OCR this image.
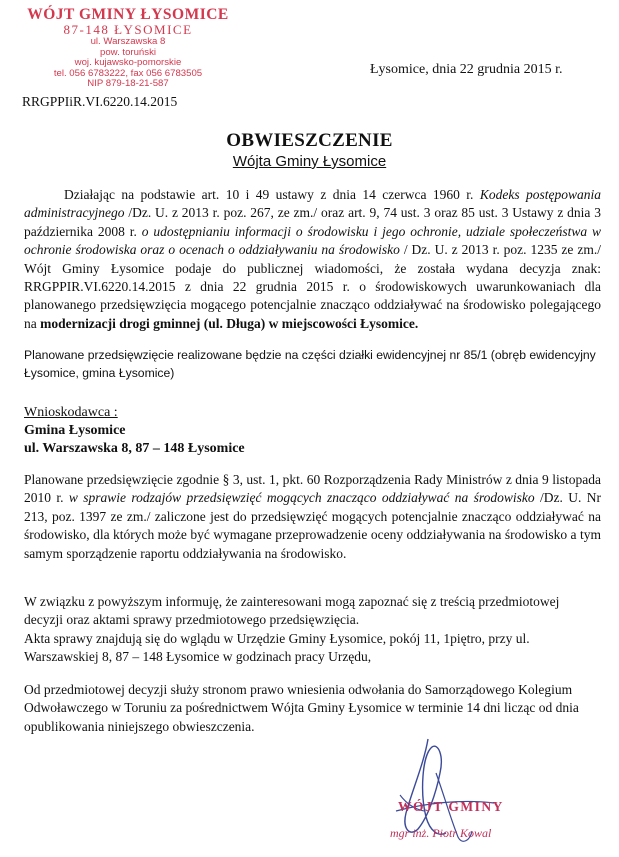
WÓJT GMINY ŁYSOMICE
87-148 ŁYSOMICE
ul. Warszawska 8
pow. toruński
woj. kujawsko-pomorskie
tel. 056 6783222, fax 056 6783505
NIP 879-18-21-587
Łysomice, dnia 22 grudnia 2015 r.
RRGPPIiR.VI.6220.14.2015
OBWIESZCZENIE
Wójta Gminy Łysomice
Działając na podstawie art. 10 i 49 ustawy z dnia 14 czerwca 1960 r. Kodeks postępowania administracyjnego /Dz. U. z 2013 r. poz. 267, ze zm./ oraz art. 9, 74 ust. 3 oraz 85 ust. 3 Ustawy z dnia 3 października 2008 r. o udostępnianiu informacji o środowisku i jego ochronie, udziale społeczeństwa w ochronie środowiska oraz o ocenach o oddziaływaniu na środowisko / Dz. U. z 2013 r. poz. 1235 ze zm./ Wójt Gminy Łysomice podaje do publicznej wiadomości, że została wydana decyzja znak: RRGPPIR.VI.6220.14.2015 z dnia 22 grudnia 2015 r. o środowiskowych uwarunkowaniach dla planowanego przedsięwzięcia mogącego potencjalnie znacząco oddziaływać na środowisko polegającego na modernizacji drogi gminnej (ul. Długa) w miejscowości Łysomice.
Planowane przedsięwzięcie realizowane będzie na części działki ewidencyjnej nr 85/1 (obręb ewidencyjny Łysomice, gmina Łysomice)
Wnioskodawca :
Gmina Łysomice
ul. Warszawska 8, 87 – 148 Łysomice
Planowane przedsięwzięcie zgodnie § 3, ust. 1, pkt. 60 Rozporządzenia Rady Ministrów z dnia 9 listopada 2010 r. w sprawie rodzajów przedsięwzięć mogących znacząco oddziaływać na środowisko /Dz. U. Nr 213, poz. 1397 ze zm./ zaliczone jest do przedsięwzięć mogących potencjalnie znacząco oddziaływać na środowisko, dla których może być wymagane przeprowadzenie oceny oddziaływania na środowisko a tym samym sporządzenie raportu oddziaływania na środowisko.
W związku z powyższym informuję, że zainteresowani mogą zapoznać się z treścią przedmiotowej decyzji oraz aktami sprawy przedmiotowego przedsięwzięcia.
Akta sprawy znajdują się do wglądu w Urzędzie Gminy Łysomice, pokój 11, 1piętro, przy ul. Warszawskiej 8, 87 – 148 Łysomice w godzinach pracy Urzędu,
Od przedmiotowej decyzji służy stronom prawo wniesienia odwołania do Samorządowego Kolegium Odwoławczego w Toruniu za pośrednictwem Wójta Gminy Łysomice w terminie 14 dni licząc od dnia opublikowania niniejszego obwieszczenia.
WÓJT GMINY
mgr inż. Piotr Kowal
